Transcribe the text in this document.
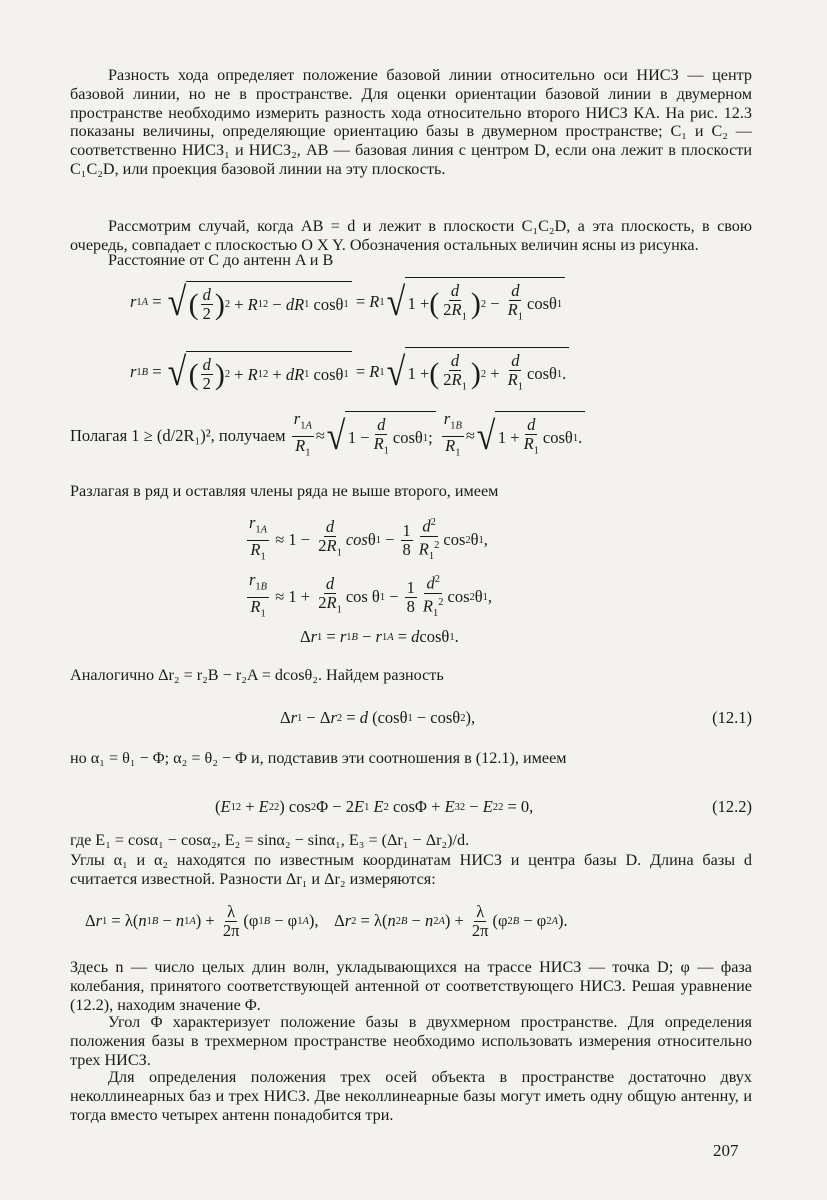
Разность хода определяет положение базовой линии относительно оси НИСЗ — центр базовой линии, но не в пространстве. Для оценки ориентации базовой линии в двумерном пространстве необходимо измерить разность хода относительно второго НИСЗ КА. На рис. 12.3 показаны величины, определяющие ориентацию базы в двумерном пространстве; C₁ и C₂ — соответственно НИСЗ₁ и НИСЗ₂, AB — базовая линия с центром D, если она лежит в плоскости C₁C₂D, или проекция базовой линии на эту плоскость.

Рассмотрим случай, когда AB = d и лежит в плоскости C₁C₂D, а эта плоскость, в свою очередь, совпадает с плоскостью O X Y. Обозначения остальных величин ясны из рисунка.

Расстояние от C до антенн A и B

r 1A = √ ( d
2 ) 2 + R 1 2 − dR 1 cosθ 1 = R 1 √ 1 + ( d
$2R_1$ ) 2 −
d
$R_1$
cosθ 1
r 1B = √ ( d
2 ) 2 + R 1 2 + dR 1 cosθ 1 = R 1 √ 1 + ( d
$2R_1$ ) 2 +
d
$R_1$
cosθ 1 .
Полагая 1 ≥ (d/2R₁)², получаем

$r_{1A}$
$R_1$
≈ √ 1 −
d
$R_1$
cosθ 1 ;

$r_{1B}$
$R_1$
≈ √ 1 +
d
$R_1$
cosθ 1 .

Разлагая в ряд и оставляя члены ряда не выше второго, имеем

$r_{1A}$
$R_1$
≈ 1 −
d
$2R_1$
cos θ 1 − 1
8
$d^2$
$R_1^2$ cos 2 θ 1 ,
$r_{1B}$
$R_1$
≈ 1 +
d
$2R_1$
cos θ 1 − 1
8
$d^2$
$R_1^2$ cos 2 θ 1 ,
Δ r 1 = r 1B − r 1A = d cosθ 1 .

Аналогично Δr₂ = r₂B − r₂A = dcosθ₂. Найдем разность

Δ r 1 − Δ r 2 = d (cosθ 1 − cosθ 2 ),	(12.1)

но α₁ = θ₁ − Φ; α₂ = θ₂ − Φ и, подставив эти соотношения в (12.1), имеем

( E 1 2 + E 2 2 ) cos 2 Φ − 2 E 1
E 2 cosΦ + E 3 2 − E 2 2 = 0,	(12.2)

где E₁ = cosα₁ − cosα₂, E₂ = sinα₂ − sinα₁, E₃ = (Δr₁ − Δr₂)/d.

Углы α₁ и α₂ находятся по известным координатам НИСЗ и центра базы D. Длина базы d считается известной. Разности Δr₁ и Δr₂ измеряются:

Δ r 1 = λ( n 1B − n 1A ) + λ
2π (φ 1B − φ 1A ),    Δ r 2 = λ( n 2B − n 2A ) + λ
2π (φ 2B − φ 2A ).

Здесь n — число целых длин волн, укладывающихся на трассе НИСЗ — точка D; φ — фаза колебания, принятого соответствующей антенной от соответствующего НИСЗ. Решая уравнение (12.2), находим значение Φ.

Угол Φ характеризует положение базы в двухмерном пространстве. Для определения положения базы в трехмерном пространстве необходимо использовать измерения относительно трех НИСЗ.

Для определения положения трех осей объекта в пространстве достаточно двух неколлинеарных баз и трех НИСЗ. Две неколлинеарные базы могут иметь одну общую антенну, и тогда вместо четырех антенн понадобится три.

207
